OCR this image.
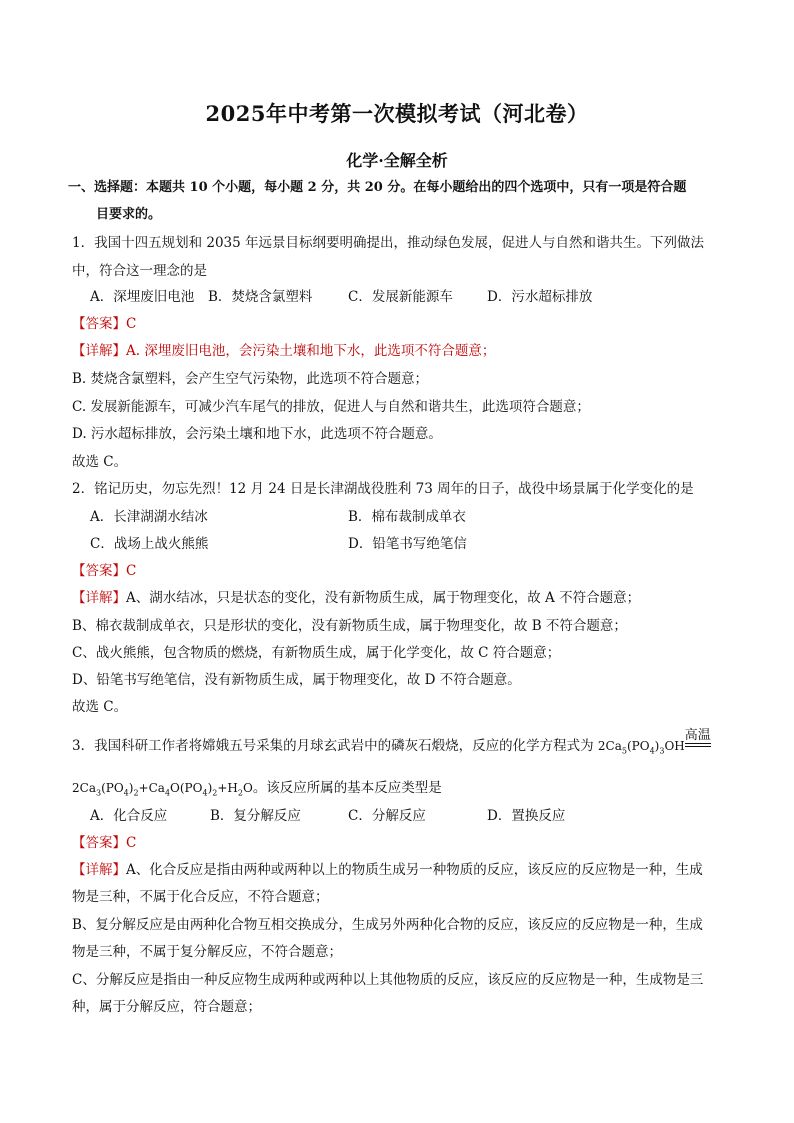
2025年中考第一次模拟考试（河北卷）
化学·全解全析
一、选择题：本题共 10 个小题，每小题 2 分，共 20 分。在每小题给出的四个选项中，只有一项是符合题
目要求的。
1．我国十四五规划和 2035 年远景目标纲要明确提出，推动绿色发展，促进人与自然和谐共生。下列做法
中，符合这一理念的是
A．深埋废旧电池 B．焚烧含氯塑料	C．发展新能源车	D．污水超标排放
【答案】C
【详解】A. 深埋废旧电池，会污染土壤和地下水，此选项不符合题意；
B. 焚烧含氯塑料，会产生空气污染物，此选项不符合题意；
C. 发展新能源车，可减少汽车尾气的排放，促进人与自然和谐共生，此选项符合题意；
D. 污水超标排放，会污染土壤和地下水，此选项不符合题意。
故选 C。
2．铭记历史，勿忘先烈！12 月 24 日是长津湖战役胜利 73 周年的日子，战役中场景属于化学变化的是
A．长津湖湖水结冰	B．棉布裁制成单衣
C．战场上战火熊熊	D．铅笔书写绝笔信
【答案】C
【详解】A、湖水结冰，只是状态的变化，没有新物质生成，属于物理变化，故 A 不符合题意；
B、棉衣裁制成单衣，只是形状的变化，没有新物质生成，属于物理变化，故 B 不符合题意；
C、战火熊熊，包含物质的燃烧，有新物质生成，属于化学变化，故 C 符合题意；
D、铅笔书写绝笔信，没有新物质生成，属于物理变化，故 D 不符合题意。
故选 C。
3．我国科研工作者将嫦娥五号采集的月球玄武岩中的磷灰石煅烧，反应的化学方程式为 $2Ca_5(PO_4)_3OH$高温
$2Ca_3(PO_4)_2+Ca_4O(PO_4)_2+H_2O$。该反应所属的基本反应类型是
A．化合反应	B．复分解反应	C．分解反应	D．置换反应
【答案】C
【详解】A、化合反应是指由两种或两种以上的物质生成另一种物质的反应，该反应的反应物是一种，生成
物是三种，不属于化合反应，不符合题意；
B、复分解反应是由两种化合物互相交换成分，生成另外两种化合物的反应，该反应的反应物是一种，生成
物是三种，不属于复分解反应，不符合题意；
C、分解反应是指由一种反应物生成两种或两种以上其他物质的反应，该反应的反应物是一种，生成物是三
种，属于分解反应，符合题意；
